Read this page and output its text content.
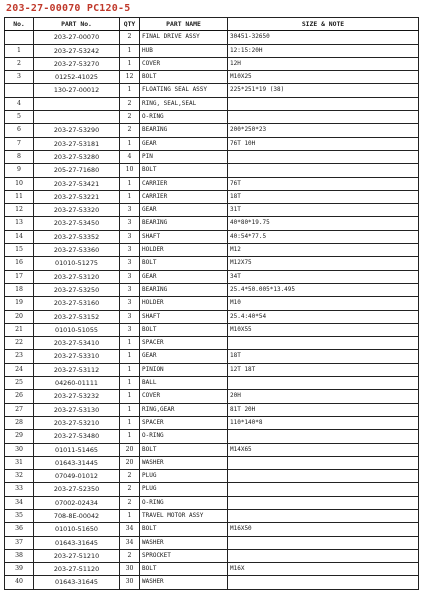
203-27-00070 PC120-5
No.	PART No.	QTY	PART NAME	SIZE & NOTE
	203-27-00070	2	FINAL DRIVE ASSY	30451-32650
1	203-27-53242	1	HUB	12:15:20H
2	203-27-53270	1	COVER	12H
3	01252-41025	12	BOLT	M10X25
	130-27-00012	1	FLOATING SEAL ASSY	225*251*19 (38)
4		2	RING, SEAL,SEAL	
5		2	O-RING	
6	203-27-53290	2	BEARING	200*250*23
7	203-27-53181	1	GEAR	76T 10H
8	203-27-53280	4	PIN	
9	205-27-71680	10	BOLT	
10	203-27-53421	1	CARRIER	76T
11	203-27-53221	1	CARRIER	18T
12	203-27-53320	3	GEAR	31T
13	203-27-53450	3	BEARING	40*80*19.75
14	203-27-53352	3	SHAFT	40:54*77.5
15	203-27-53360	3	HOLDER	M12
16	01010-51275	3	BOLT	M12X75
17	203-27-53120	3	GEAR	34T
18	203-27-53250	3	BEARING	25.4*50.005*13.495
19	203-27-53160	3	HOLDER	M10
20	203-27-53152	3	SHAFT	25.4:40*54
21	01010-51055	3	BOLT	M10X55
22	203-27-53410	1	SPACER	
23	203-27-53310	1	GEAR	18T
24	203-27-53112	1	PINION	12T 18T
25	04260-01111	1	BALL	
26	203-27-53232	1	COVER	20H
27	203-27-53130	1	RING,GEAR	81T 20H
28	203-27-53210	1	SPACER	110*140*8
29	203-27-53480	1	O-RING	
30	01011-51465	20	BOLT	M14X65
31	01643-31445	20	WASHER	
32	07049-01012	2	PLUG	
33	203-27-52350	2	PLUG	
34	07002-02434	2	O-RING	
35	708-8E-00042	1	TRAVEL MOTOR ASSY	
36	01010-51650	34	BOLT	M16X50
37	01643-31645	34	WASHER	
38	203-27-51210	2	SPROCKET	
39	203-27-51120	30	BOLT	M16X
40	01643-31645	30	WASHER	
